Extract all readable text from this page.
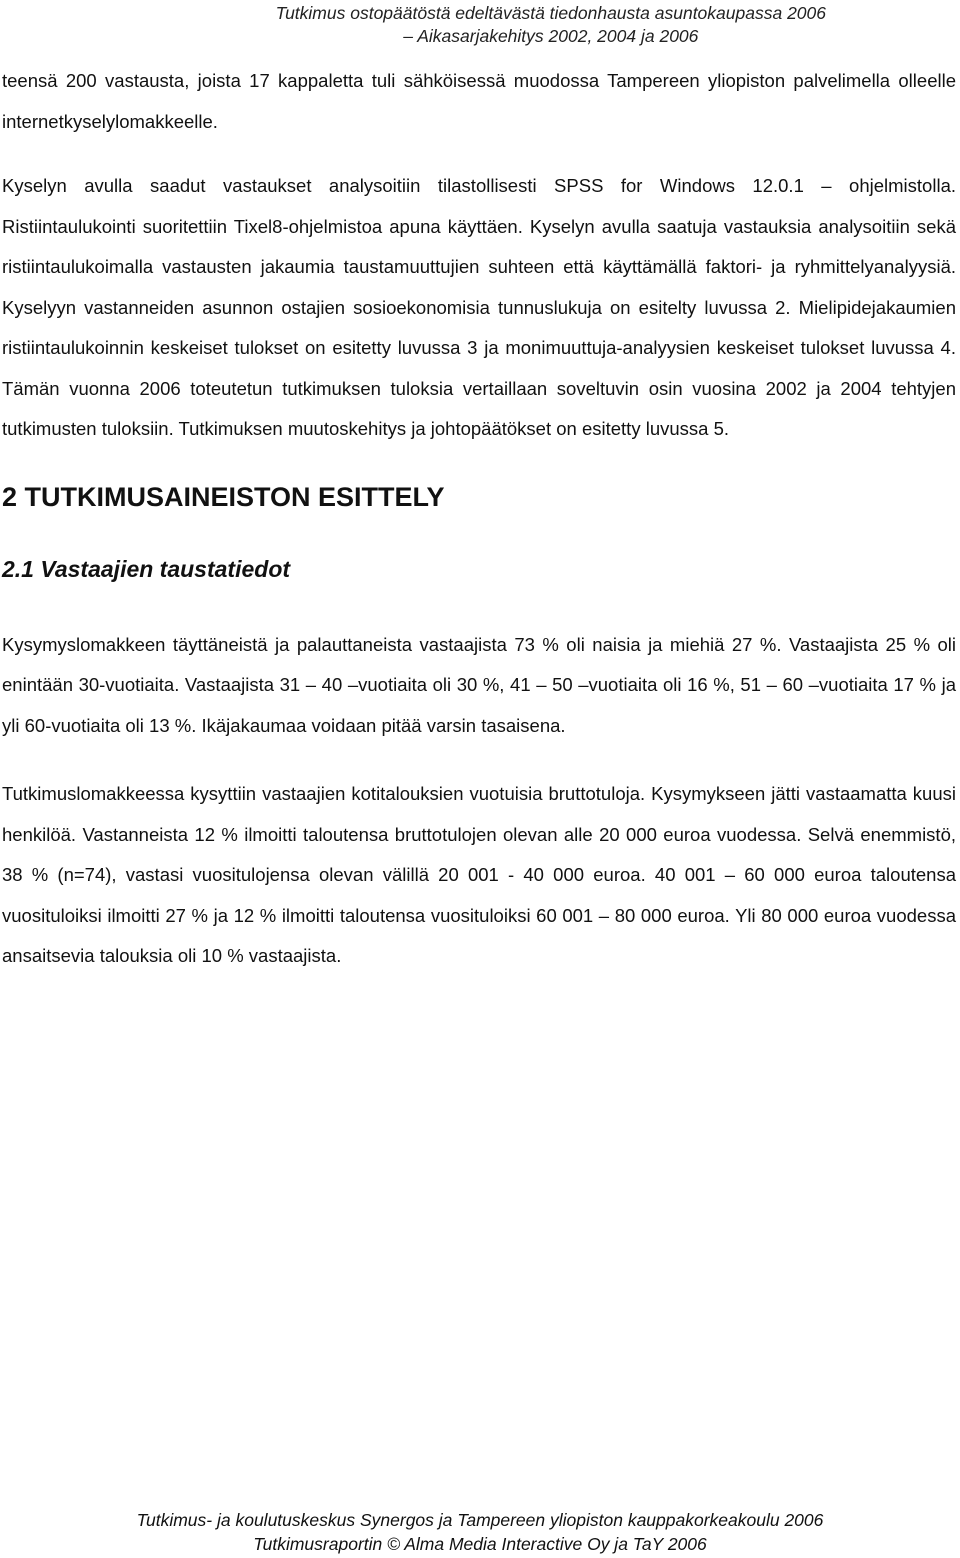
Tutkimus ostopäätöstä edeltävästä tiedonhausta asuntokaupassa 2006
– Aikasarjakehitys 2002, 2004 ja 2006

teensä 200 vastausta, joista 17 kappaletta tuli sähköisessä muodossa Tampereen yliopiston palvelimella olleelle internetkyselylomakkeelle.

Kyselyn avulla saadut vastaukset analysoitiin tilastollisesti SPSS for Windows 12.0.1 – ohjelmistolla. Ristiintaulukointi suoritettiin Tixel8-ohjelmistoa apuna käyttäen. Kyselyn avulla saatuja vastauksia analysoitiin sekä ristiintaulukoimalla vastausten jakaumia taustamuuttujien suhteen että käyttämällä faktori- ja ryhmittelyanalyysiä. Kyselyyn vastanneiden asunnon ostajien sosioekonomisia tunnuslukuja on esitelty luvussa 2. Mielipidejakaumien ristiintaulukoinnin keskeiset tulokset on esitetty luvussa 3 ja monimuuttuja-analyysien keskeiset tulokset luvussa 4. Tämän vuonna 2006 toteutetun tutkimuksen tuloksia vertaillaan soveltuvin osin vuosina 2002 ja 2004 tehtyjen tutkimusten tuloksiin. Tutkimuksen muutoskehitys ja johtopäätökset on esitetty luvussa 5.

2 TUTKIMUSAINEISTON ESITTELY
2.1 Vastaajien taustatiedot

Kysymyslomakkeen täyttäneistä ja palauttaneista vastaajista 73 % oli naisia ja miehiä 27 %. Vastaajista 25 % oli enintään 30-vuotiaita. Vastaajista 31 – 40 –vuotiaita oli 30 %, 41 – 50 –vuotiaita oli 16 %, 51 – 60 –vuotiaita 17 % ja yli 60-vuotiaita oli 13 %. Ikäjakaumaa voidaan pitää varsin tasaisena.

Tutkimuslomakkeessa kysyttiin vastaajien kotitalouksien vuotuisia bruttotuloja. Kysymykseen jätti vastaamatta kuusi henkilöä. Vastanneista 12 % ilmoitti taloutensa bruttotulojen olevan alle 20 000 euroa vuodessa. Selvä enemmistö, 38 % (n=74), vastasi vuositulojensa olevan välillä 20 001 - 40 000 euroa. 40 001 – 60 000 euroa taloutensa vuosituloiksi ilmoitti 27 % ja 12 % ilmoitti taloutensa vuosituloiksi 60 001 – 80 000 euroa. Yli 80 000 euroa vuodessa ansaitsevia talouksia oli 10 % vastaajista.

Tutkimus- ja koulutuskeskus Synergos ja Tampereen yliopiston kauppakorkeakoulu 2006
Tutkimusraportin © Alma Media Interactive Oy ja TaY 2006
